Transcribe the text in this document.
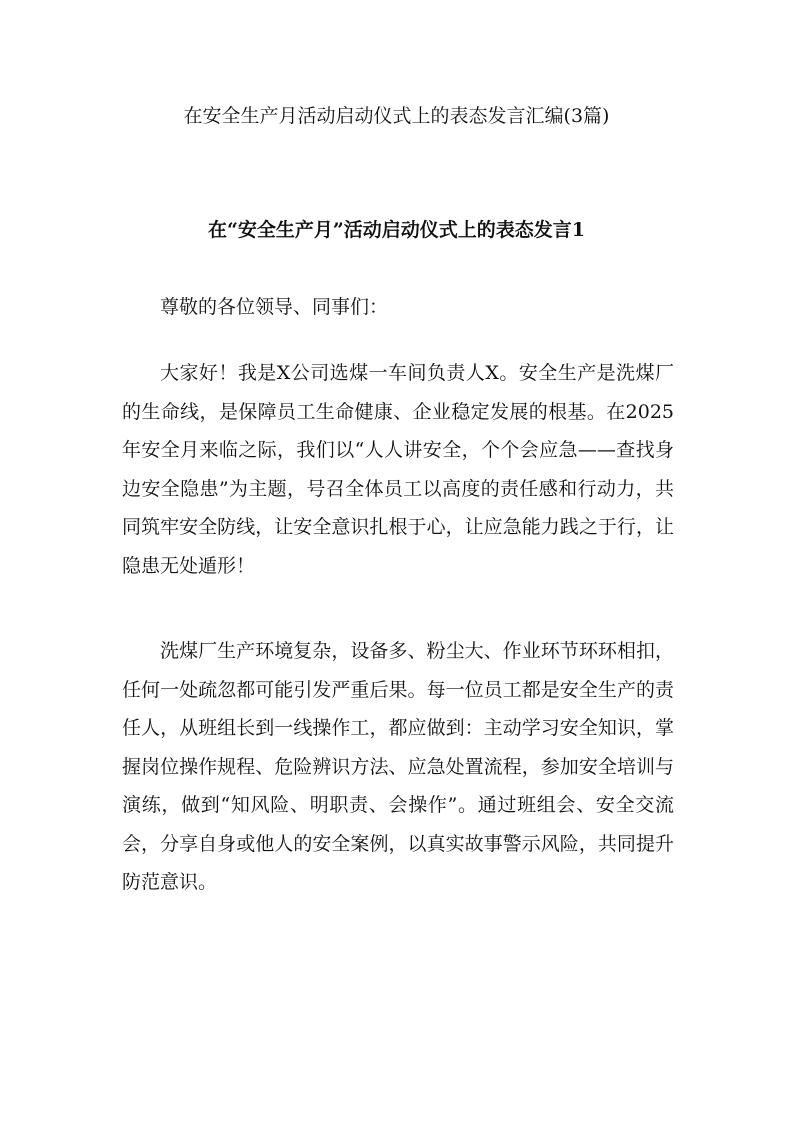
在安全生产月活动启动仪式上的表态发言汇编(3篇)
在“安全生产月”活动启动仪式上的表态发言1

尊敬的各位领导、同事们：

大家好！我是X公司选煤一车间负责人X。安全生产是洗煤厂的生命线，是保障员工生命健康、企业稳定发展的根基。在2025年安全月来临之际，我们以“人人讲安全，个个会应急——查找身边安全隐患”为主题，号召全体员工以高度的责任感和行动力，共同筑牢安全防线，让安全意识扎根于心，让应急能力践之于行，让隐患无处遁形！

洗煤厂生产环境复杂，设备多、粉尘大、作业环节环环相扣，任何一处疏忽都可能引发严重后果。每一位员工都是安全生产的责任人，从班组长到一线操作工，都应做到：主动学习安全知识，掌握岗位操作规程、危险辨识方法、应急处置流程，参加安全培训与演练，做到“知风险、明职责、会操作”。通过班组会、安全交流会，分享自身或他人的安全案例，以真实故事警示风险，共同提升防范意识。
